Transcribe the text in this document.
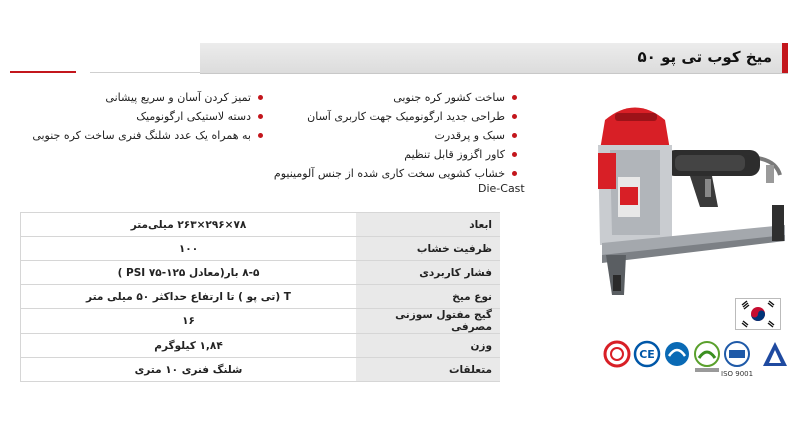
میخ کوب تی پو ۵۰
ساخت کشور کره جنوبی
طراحی جدید ارگونومیک جهت کاربری آسان
سبک و پرقدرت
کاور اگزوز قابل تنظیم
خشاب کشویی سخت کاری شده از جنس آلومینیوم
Die-Cast
تمیز کردن آسان و سریع پیشانی
دسته لاستیکی ارگونومیک
به همراه یک عدد شلنگ فنری ساخت کره جنوبی
ابعاد	۷۸×۲۹۶×۲۶۳ میلی‌متر
ظرفیت خشاب	۱۰۰
فشار کاربردی	۸-۵ بار(معادل ۱۲۵-۷۵ PSI )
نوع میخ	T (تی پو ) تا ارتفاع حداکثر ۵۰ میلی متر
گیج مفتول سوزنی مصرفی	۱۶
وزن	۱,۸۴ کیلوگرم
متعلقات	شلنگ فنری ۱۰ متری
CE
ISO 9001
